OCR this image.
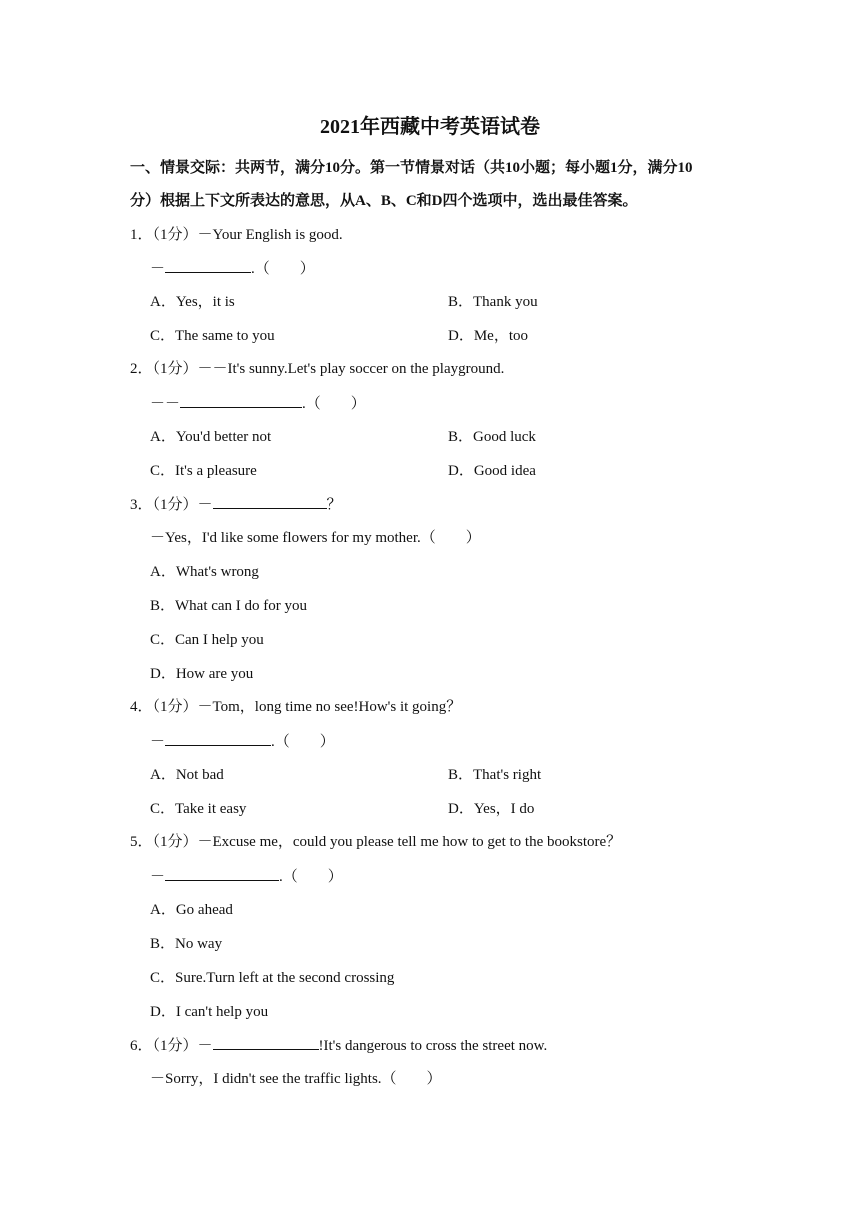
2021年西藏中考英语试卷
一、情景交际：共两节，满分10分。第一节情景对话（共10小题；每小题1分，满分10
分）根据上下文所表达的意思，从A、B、C和D四个选项中，选出最佳答案。
1．（1分）－Your English is good.
－	.（　　）
A．Yes，it is	B．Thank you
C．The same to you	D．Me，too
2．（1分）－－It's sunny.Let's play soccer on the playground.
－－	.（　　）
A．You'd better not	B．Good luck
C．It's a pleasure	D．Good idea
3．（1分）－	？
－Yes，I'd like some flowers for my mother.（　　）
A．What's wrong
B．What can I do for you
C．Can I help you
D．How are you
4．（1分）－Tom，long time no see!How's it going？
－	.（　　）
A．Not bad	B．That's right
C．Take it easy	D．Yes，I do
5．（1分）－Excuse me，could you please tell me how to get to the bookstore？
－	.（　　）
A．Go ahead
B．No way
C．Sure.Turn left at the second crossing
D．I can't help you
6．（1分）－	!It's dangerous to cross the street now.
－Sorry，I didn't see the traffic lights.（　　）
